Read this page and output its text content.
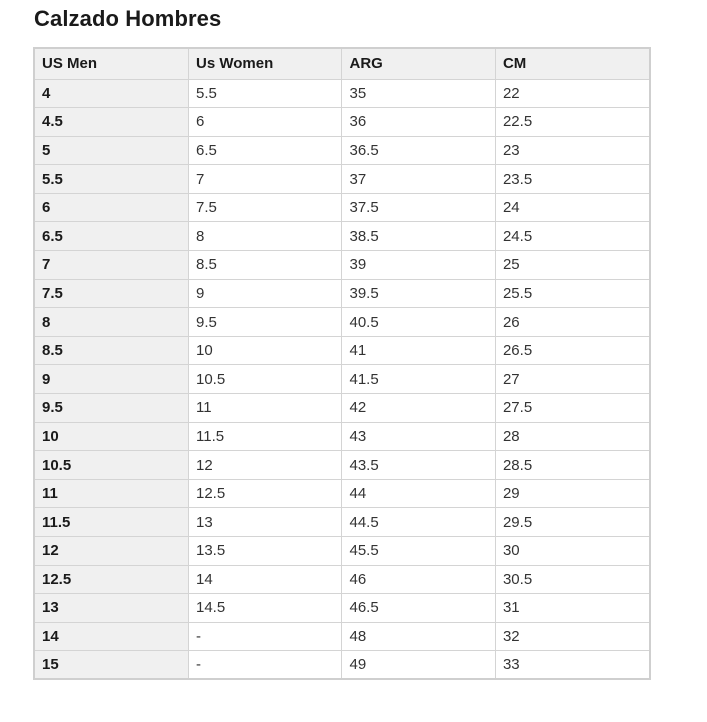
Calzado Hombres
US Men	Us Women	ARG	CM
4	5.5	35	22
4.5	6	36	22.5
5	6.5	36.5	23
5.5	7	37	23.5
6	7.5	37.5	24
6.5	8	38.5	24.5
7	8.5	39	25
7.5	9	39.5	25.5
8	9.5	40.5	26
8.5	10	41	26.5
9	10.5	41.5	27
9.5	11	42	27.5
10	11.5	43	28
10.5	12	43.5	28.5
11	12.5	44	29
11.5	13	44.5	29.5
12	13.5	45.5	30
12.5	14	46	30.5
13	14.5	46.5	31
14	-	48	32
15	-	49	33
